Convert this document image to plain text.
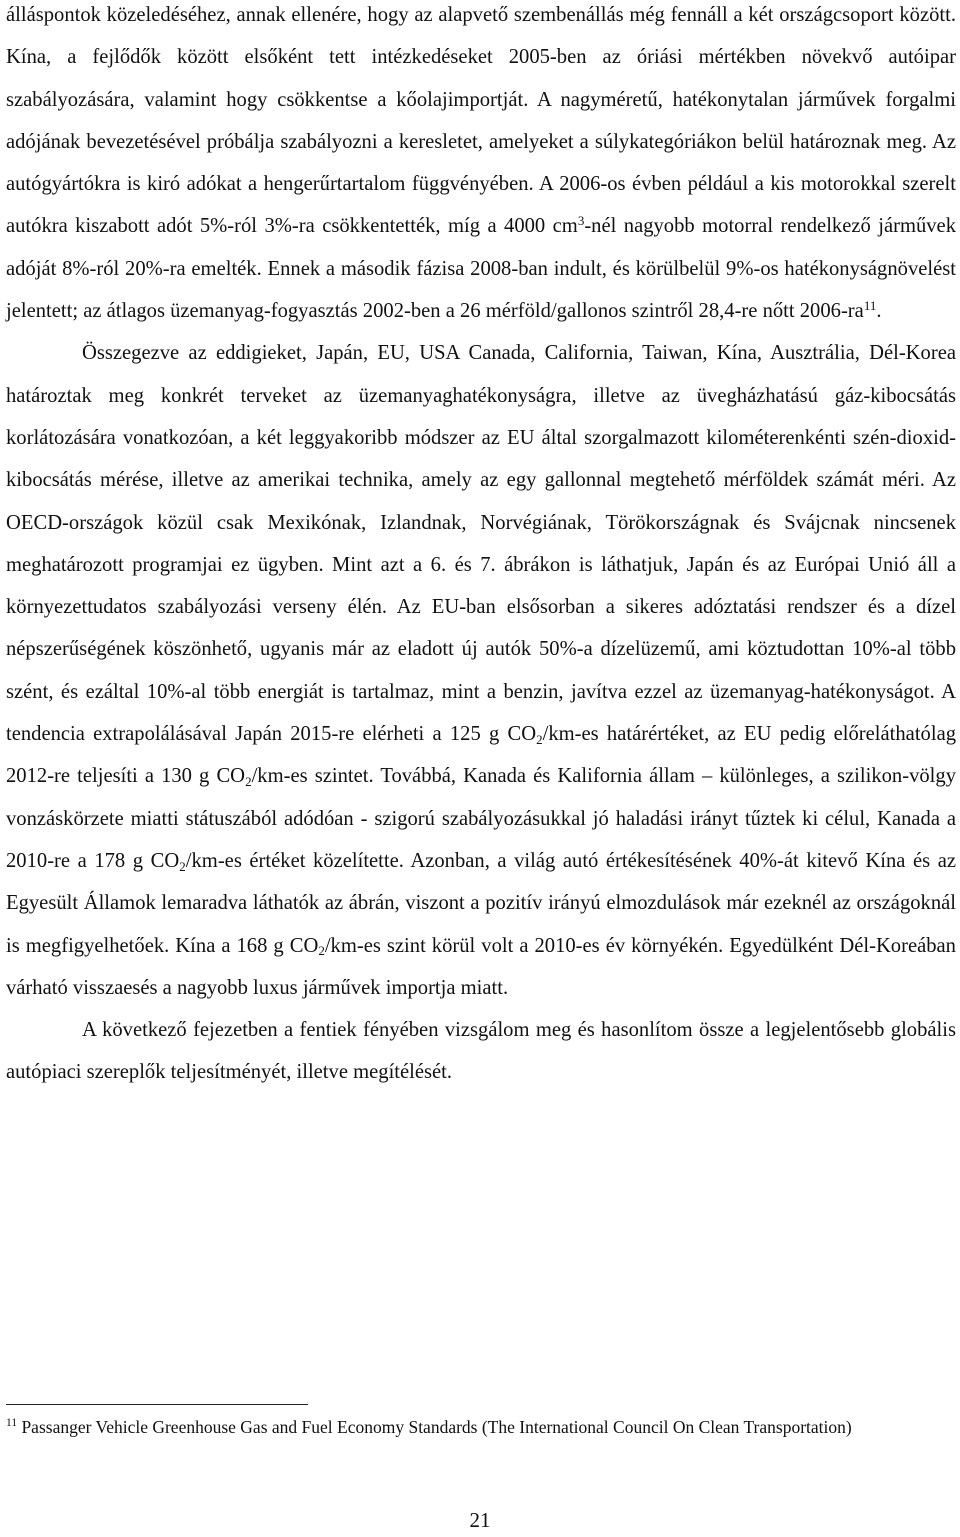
álláspontok közeledéséhez, annak ellenére, hogy az alapvető szembenállás még fennáll a két országcsoport között. Kína, a fejlődők között elsőként tett intézkedéseket 2005-ben az óriási mértékben növekvő autóipar szabályozására, valamint hogy csökkentse a kőolajimportját. A nagyméretű, hatékonytalan járművek forgalmi adójának bevezetésével próbálja szabályozni a keresletet, amelyeket a súlykategóriákon belül határoznak meg. Az autógyártókra is kiró adókat a hengerűrtartalom függvényében. A 2006-os évben például a kis motorokkal szerelt autókra kiszabott adót 5%-ról 3%-ra csökkentették, míg a 4000 $cm^3$-nél nagyobb motorral rendelkező járművek adóját 8%-ról 20%-ra emelték. Ennek a második fázisa 2008-ban indult, és körülbelül 9%-os hatékonyságnövelést jelentett; az átlagos üzemanyag-fogyasztás 2002-ben a 26 mérföld/gallonos szintről 28,4-re nőtt $2006-ra^{11}$.

Összegezve az eddigieket, Japán, EU, USA Canada, California, Taiwan, Kína, Ausztrália, Dél-Korea határoztak meg konkrét terveket az üzemanyaghatékonyságra, illetve az üvegházhatású gáz-kibocsátás korlátozására vonatkozóan, a két leggyakoribb módszer az EU által szorgalmazott kilométerenkénti szén-dioxid-kibocsátás mérése, illetve az amerikai technika, amely az egy gallonnal megtehető mérföldek számát méri. Az OECD-országok közül csak Mexikónak, Izlandnak, Norvégiának, Törökországnak és Svájcnak nincsenek meghatározott programjai ez ügyben. Mint azt a 6. és 7. ábrákon is láthatjuk, Japán és az Európai Unió áll a környezettudatos szabályozási verseny élén. Az EU-ban elsősorban a sikeres adóztatási rendszer és a dízel népszerűségének köszönhető, ugyanis már az eladott új autók 50%-a dízelüzemű, ami köztudottan 10%-al több szént, és ezáltal 10%-al több energiát is tartalmaz, mint a benzin, javítva ezzel az üzemanyag-hatékonyságot. A tendencia extrapolálásával Japán 2015-re elérheti a 125 g $CO_2/km-es$ határértéket, az EU pedig előreláthatólag 2012-re teljesíti a 130 g $CO_2/km-es$ szintet. Továbbá, Kanada és Kalifornia állam – különleges, a szilikon-völgy vonzáskörzete miatti státuszából adódóan - szigorú szabályozásukkal jó haladási irányt tűztek ki célul, Kanada a 2010-re a 178 g $CO_2/km-es$ értéket közelítette. Azonban, a világ autó értékesítésének 40%-át kitevő Kína és az Egyesült Államok lemaradva láthatók az ábrán, viszont a pozitív irányú elmozdulások már ezeknél az országoknál is megfigyelhetőek. Kína a 168 g $CO_2/km-es$ szint körül volt a 2010-es év környékén. Egyedülként Dél-Koreában várható visszaesés a nagyobb luxus járművek importja miatt.

A következő fejezetben a fentiek fényében vizsgálom meg és hasonlítom össze a legjelentősebb globális autópiaci szereplők teljesítményét, illetve megítélését.

$^{11}$ Passanger Vehicle Greenhouse Gas and Fuel Economy Standards (The International Council On Clean Transportation)
21
